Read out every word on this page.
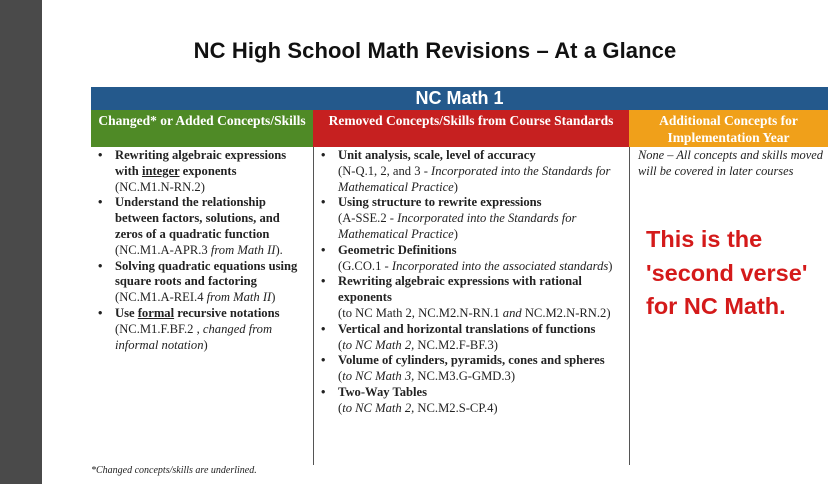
NC High School Math Revisions – At a Glance
NC Math 1
Changed* or Added Concepts/Skills	Removed Concepts/Skills from Course Standards	Additional Concepts for Implementation Year
• Rewriting algebraic expressions with integer exponents
(NC.M1.N-RN.2)
• Understand the relationship between factors, solutions, and zeros of a quadratic function
(NC.M1.A-APR.3 from Math II).
• Solving quadratic equations using square roots and factoring
(NC.M1.A-REI.4 from Math II)
• Use formal recursive notations
(NC.M1.F.BF.2 , changed from informal notation)
• Unit analysis, scale, level of accuracy
(N-Q.1, 2, and 3 - Incorporated into the Standards for Mathematical Practice)
• Using structure to rewrite expressions
(A-SSE.2 - Incorporated into the Standards for Mathematical Practice)
• Geometric Definitions
(G.CO.1 - Incorporated into the associated standards)
• Rewriting algebraic expressions with rational exponents
(to NC Math 2, NC.M2.N-RN.1 and NC.M2.N-RN.2)
• Vertical and horizontal translations of functions
(to NC Math 2, NC.M2.F-BF.3)
• Volume of cylinders, pyramids, cones and spheres
(to NC Math 3, NC.M3.G-GMD.3)
• Two-Way Tables
(to NC Math 2, NC.M2.S-CP.4)
None – All concepts and skills moved will be covered in later courses
This is the 'second verse' for NC Math.
*Changed concepts/skills are underlined.
